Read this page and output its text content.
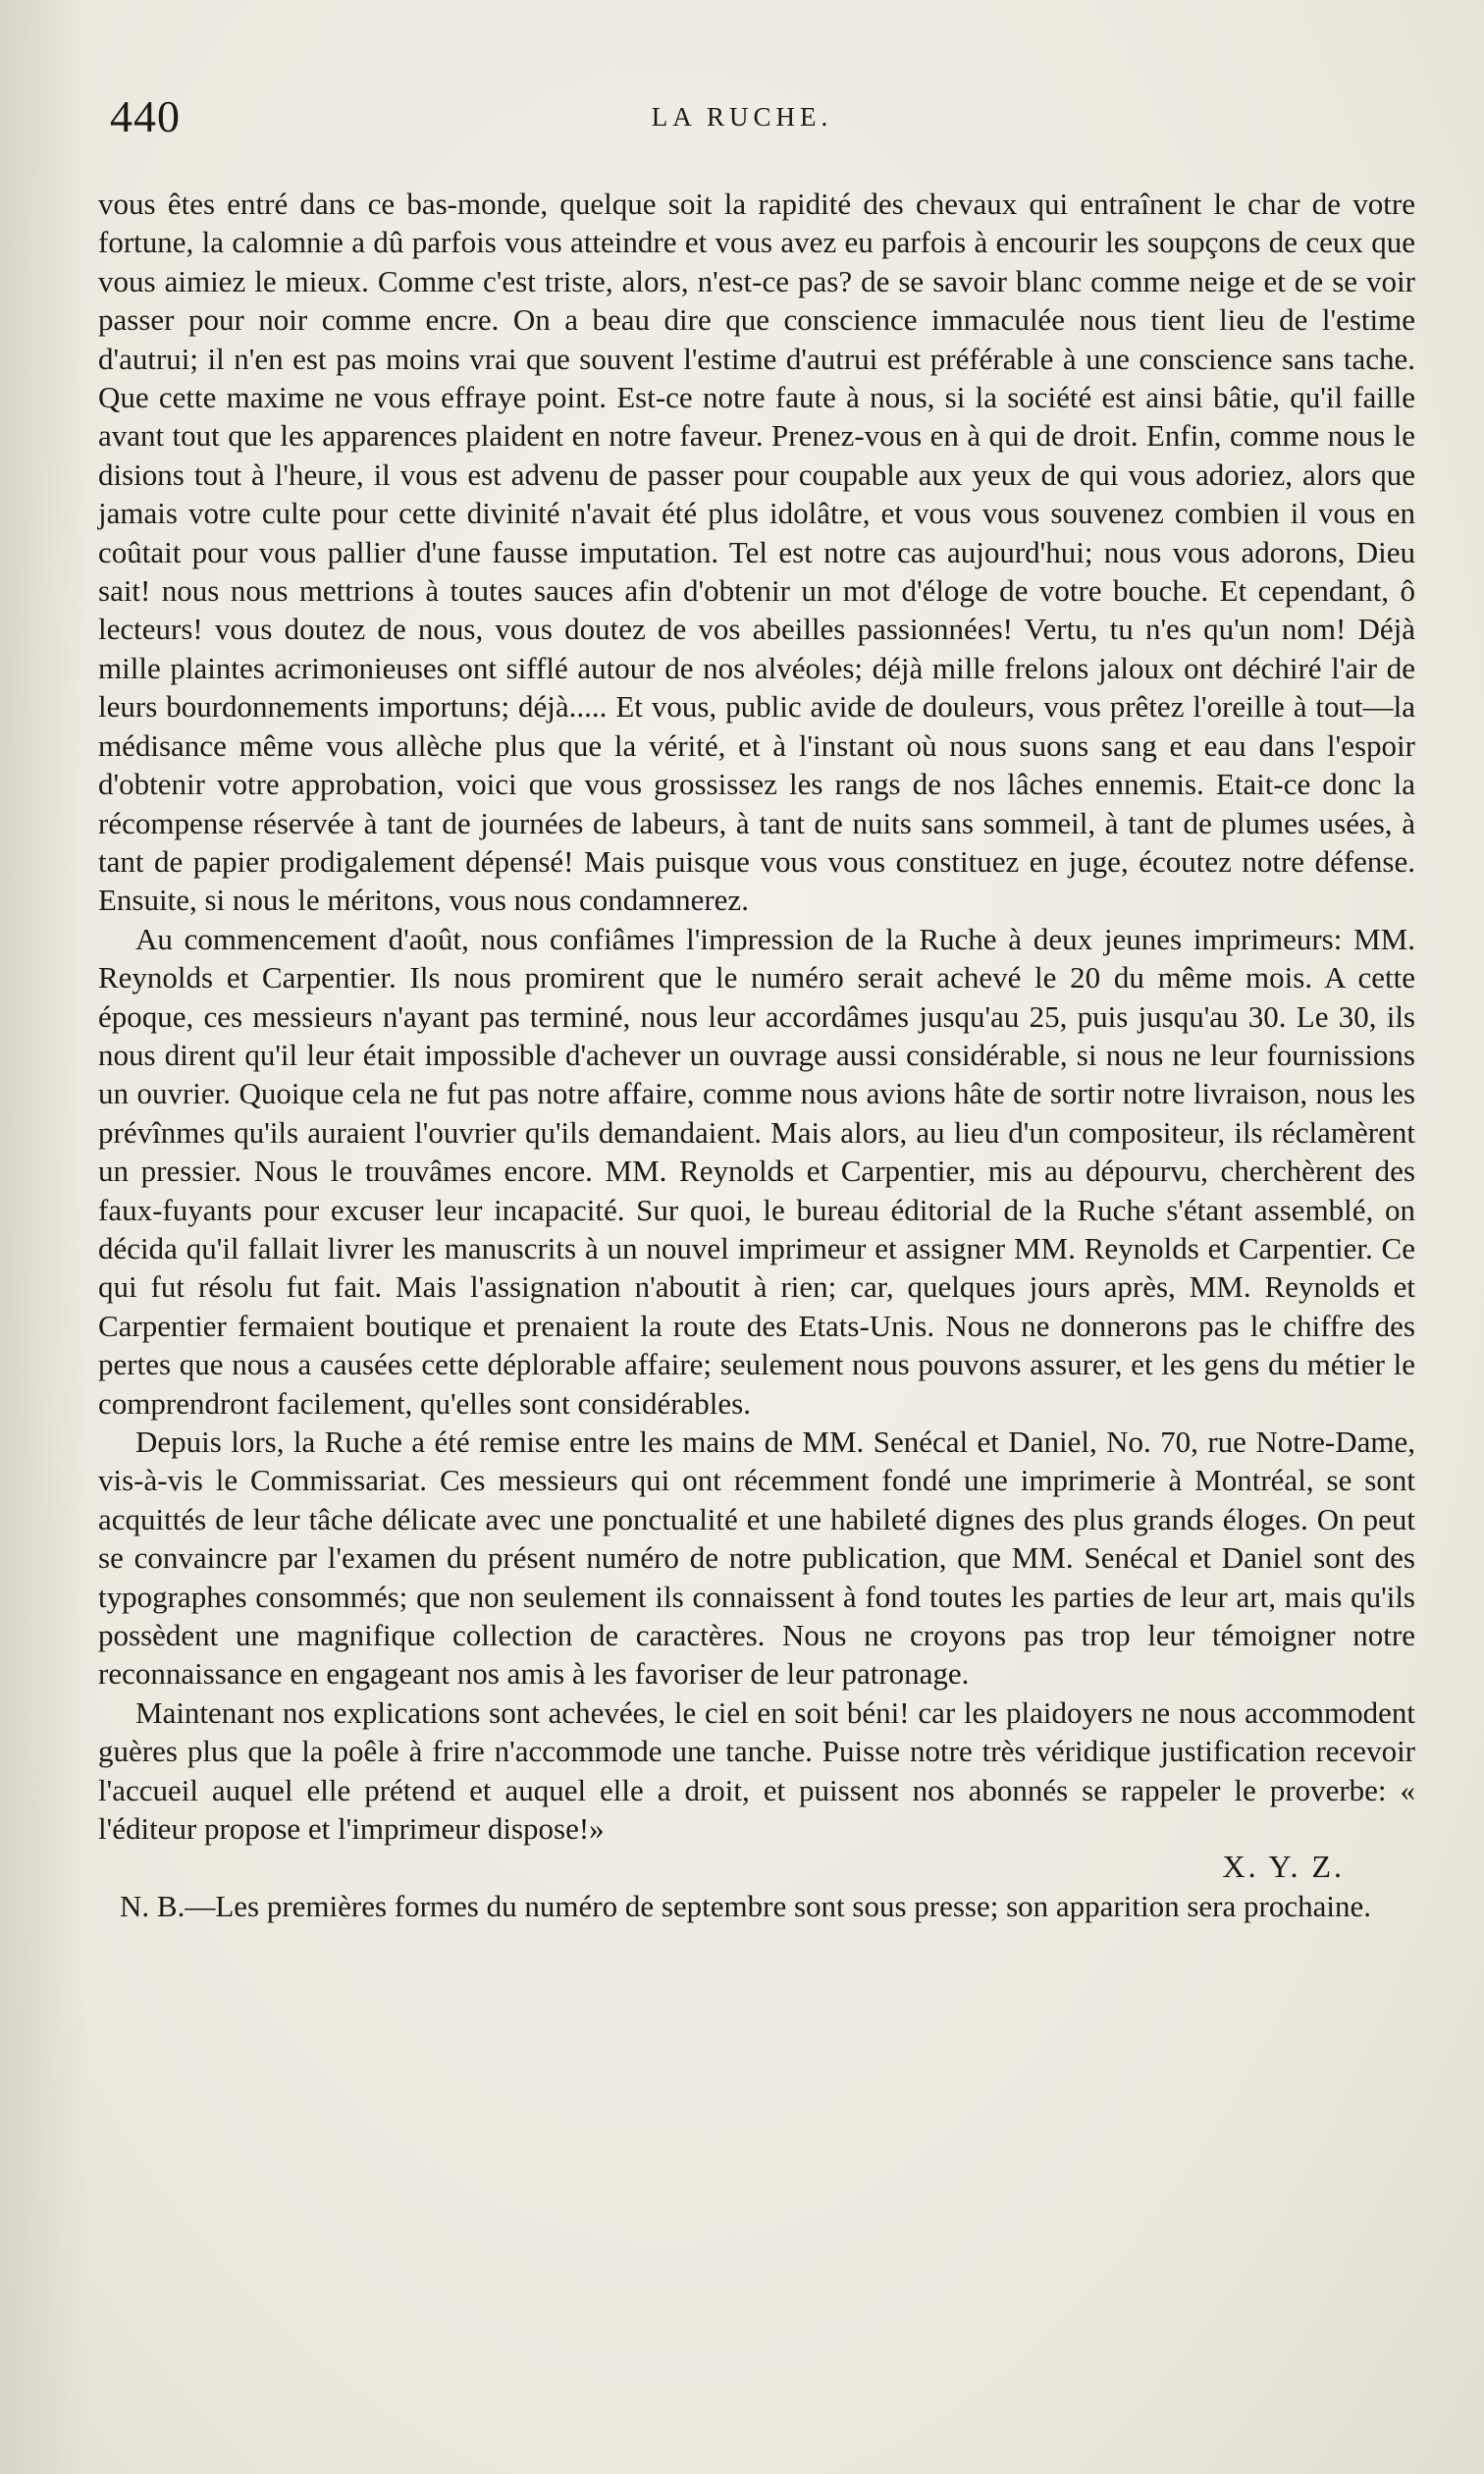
440	LA RUCHE.

vous êtes entré dans ce bas-monde, quelque soit la rapidité des chevaux qui entraînent le char de votre fortune, la calomnie a dû parfois vous atteindre et vous avez eu parfois à encourir les soupçons de ceux que vous aimiez le mieux. Comme c'est triste, alors, n'est-ce pas? de se savoir blanc comme neige et de se voir passer pour noir comme encre. On a beau dire que conscience immaculée nous tient lieu de l'estime d'autrui; il n'en est pas moins vrai que souvent l'estime d'autrui est préférable à une conscience sans tache. Que cette maxime ne vous effraye point. Est-ce notre faute à nous, si la société est ainsi bâtie, qu'il faille avant tout que les apparences plaident en notre faveur. Prenez-vous en à qui de droit. Enfin, comme nous le disions tout à l'heure, il vous est advenu de passer pour coupable aux yeux de qui vous adoriez, alors que jamais votre culte pour cette divinité n'avait été plus idolâtre, et vous vous souvenez combien il vous en coûtait pour vous pallier d'une fausse imputation. Tel est notre cas aujourd'hui; nous vous adorons, Dieu sait! nous nous mettrions à toutes sauces afin d'obtenir un mot d'éloge de votre bouche. Et cependant, ô lecteurs! vous doutez de nous, vous doutez de vos abeilles passionnées! Vertu, tu n'es qu'un nom! Déjà mille plaintes acrimonieuses ont sifflé autour de nos alvéoles; déjà mille frelons jaloux ont déchiré l'air de leurs bourdonnements importuns; déjà..... Et vous, public avide de douleurs, vous prêtez l'oreille à tout—la médisance même vous allèche plus que la vérité, et à l'instant où nous suons sang et eau dans l'espoir d'obtenir votre approbation, voici que vous grossissez les rangs de nos lâches ennemis. Etait-ce donc la récompense réservée à tant de journées de labeurs, à tant de nuits sans sommeil, à tant de plumes usées, à tant de papier prodigalement dépensé! Mais puisque vous vous constituez en juge, écoutez notre défense. Ensuite, si nous le méritons, vous nous condamnerez.

Au commencement d'août, nous confiâmes l'impression de la Ruche à deux jeunes imprimeurs: MM. Reynolds et Carpentier. Ils nous promirent que le numéro serait achevé le 20 du même mois. A cette époque, ces messieurs n'ayant pas terminé, nous leur accordâmes jusqu'au 25, puis jusqu'au 30. Le 30, ils nous dirent qu'il leur était impossible d'achever un ouvrage aussi considérable, si nous ne leur fournissions un ouvrier. Quoique cela ne fut pas notre affaire, comme nous avions hâte de sortir notre livraison, nous les prévînmes qu'ils auraient l'ouvrier qu'ils demandaient. Mais alors, au lieu d'un compositeur, ils réclamèrent un pressier. Nous le trouvâmes encore. MM. Reynolds et Carpentier, mis au dépourvu, cherchèrent des faux-fuyants pour excuser leur incapacité. Sur quoi, le bureau éditorial de la Ruche s'étant assemblé, on décida qu'il fallait livrer les manuscrits à un nouvel imprimeur et assigner MM. Reynolds et Carpentier. Ce qui fut résolu fut fait. Mais l'assignation n'aboutit à rien; car, quelques jours après, MM. Reynolds et Carpentier fermaient boutique et prenaient la route des Etats-Unis. Nous ne donnerons pas le chiffre des pertes que nous a causées cette déplorable affaire; seulement nous pouvons assurer, et les gens du métier le comprendront facilement, qu'elles sont considérables.

Depuis lors, la Ruche a été remise entre les mains de MM. Senécal et Daniel, No. 70, rue Notre-Dame, vis-à-vis le Commissariat. Ces messieurs qui ont récemment fondé une imprimerie à Montréal, se sont acquittés de leur tâche délicate avec une ponctualité et une habileté dignes des plus grands éloges. On peut se convaincre par l'examen du présent numéro de notre publication, que MM. Senécal et Daniel sont des typographes consommés; que non seulement ils connaissent à fond toutes les parties de leur art, mais qu'ils possèdent une magnifique collection de caractères. Nous ne croyons pas trop leur témoigner notre reconnaissance en engageant nos amis à les favoriser de leur patronage.

Maintenant nos explications sont achevées, le ciel en soit béni! car les plaidoyers ne nous accommodent guères plus que la poêle à frire n'accommode une tanche. Puisse notre très véridique justification recevoir l'accueil auquel elle prétend et auquel elle a droit, et puissent nos abonnés se rappeler le proverbe: « l'éditeur propose et l'imprimeur dispose!»

X. Y. Z.

N. B.—Les premières formes du numéro de septembre sont sous presse; son apparition sera prochaine.
